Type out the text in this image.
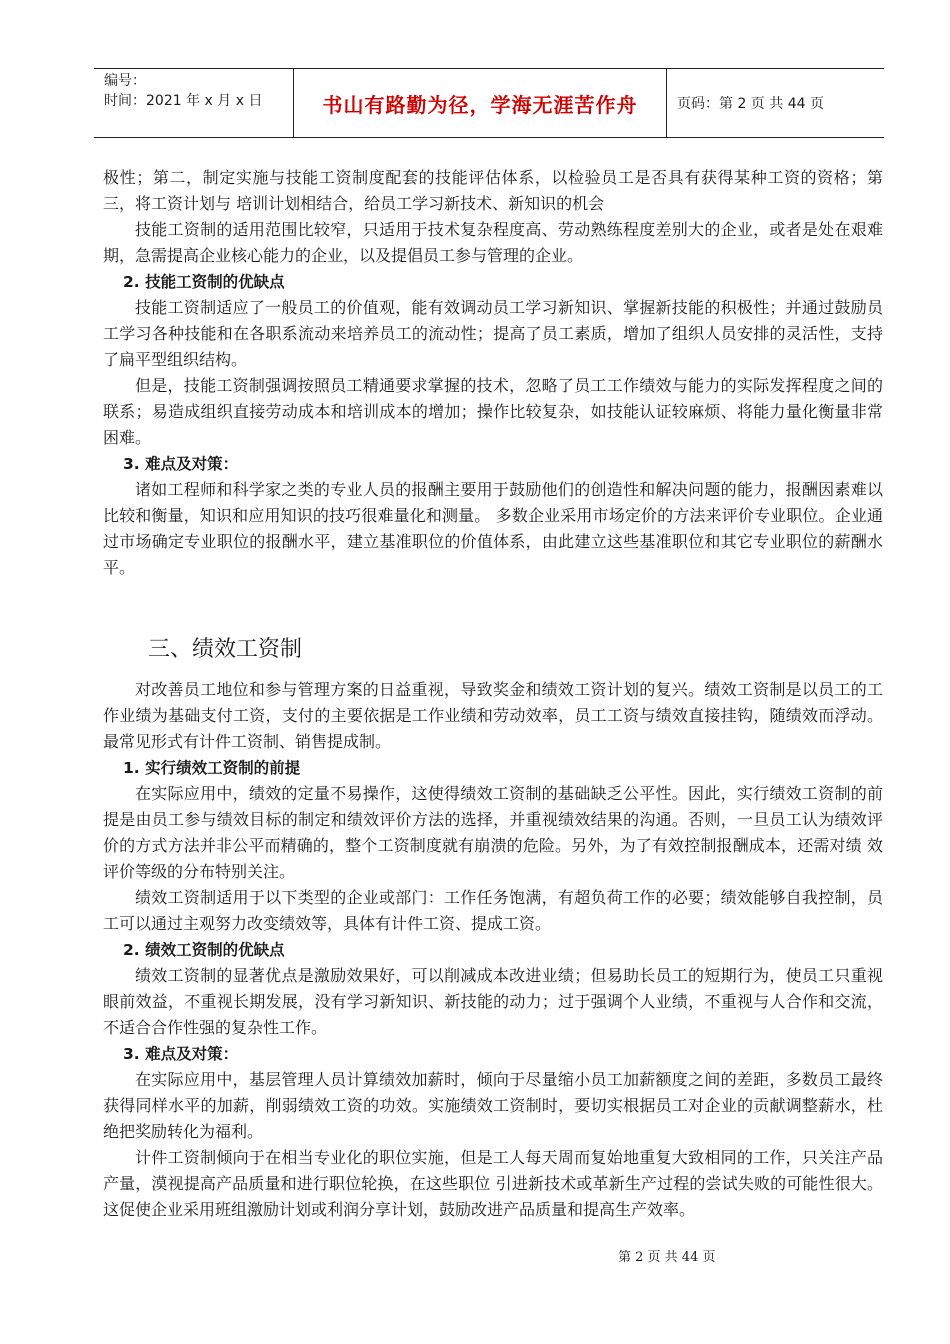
编号：
时间：2021 年 x 月 x 日	书山有路勤为径，学海无涯苦作舟	页码：第 2 页 共 44 页

极性；第二，制定实施与技能工资制度配套的技能评估体系，以检验员工是否具有获得某种工资的资格；第三，将工资计划与 培训计划相结合，给员工学习新技术、新知识的机会

技能工资制的适用范围比较窄，只适用于技术复杂程度高、劳动熟练程度差别大的企业，或者是处在艰难期，急需提高企业核心能力的企业，以及提倡员工参与管理的企业。

2. 技能工资制的优缺点

技能工资制适应了一般员工的价值观，能有效调动员工学习新知识、掌握新技能的积极性；并通过鼓励员工学习各种技能和在各职系流动来培养员工的流动性；提高了员工素质，增加了组织人员安排的灵活性，支持了扁平型组织结构。

但是，技能工资制强调按照员工精通要求掌握的技术，忽略了员工工作绩效与能力的实际发挥程度之间的联系；易造成组织直接劳动成本和培训成本的增加；操作比较复杂，如技能认证较麻烦、将能力量化衡量非常困难。

3. 难点及对策：

诸如工程师和科学家之类的专业人员的报酬主要用于鼓励他们的创造性和解决问题的能力，报酬因素难以比较和衡量，知识和应用知识的技巧很难量化和测量。 多数企业采用市场定价的方法来评价专业职位。企业通过市场确定专业职位的报酬水平，建立基准职位的价值体系，由此建立这些基准职位和其它专业职位的薪酬水 平。

三、绩效工资制

对改善员工地位和参与管理方案的日益重视，导致奖金和绩效工资计划的复兴。绩效工资制是以员工的工作业绩为基础支付工资，支付的主要依据是工作业绩和劳动效率，员工工资与绩效直接挂钩，随绩效而浮动。最常见形式有计件工资制、销售提成制。

1. 实行绩效工资制的前提

在实际应用中，绩效的定量不易操作，这使得绩效工资制的基础缺乏公平性。因此，实行绩效工资制的前提是由员工参与绩效目标的制定和绩效评价方法的选择，并重视绩效结果的沟通。否则，一旦员工认为绩效评价的方式方法并非公平而精确的，整个工资制度就有崩溃的危险。另外，为了有效控制报酬成本，还需对绩 效评价等级的分布特别关注。

绩效工资制适用于以下类型的企业或部门：工作任务饱满，有超负荷工作的必要；绩效能够自我控制，员工可以通过主观努力改变绩效等，具体有计件工资、提成工资。

2. 绩效工资制的优缺点

绩效工资制的显著优点是激励效果好，可以削减成本改进业绩；但易助长员工的短期行为，使员工只重视眼前效益，不重视长期发展，没有学习新知识、新技能的动力；过于强调个人业绩，不重视与人合作和交流，不适合合作性强的复杂性工作。

3. 难点及对策：

在实际应用中，基层管理人员计算绩效加薪时，倾向于尽量缩小员工加薪额度之间的差距，多数员工最终获得同样水平的加薪，削弱绩效工资的功效。实施绩效工资制时，要切实根据员工对企业的贡献调整薪水，杜绝把奖励转化为福利。

计件工资制倾向于在相当专业化的职位实施，但是工人每天周而复始地重复大致相同的工作，只关注产品产量，漠视提高产品质量和进行职位轮换，在这些职位 引进新技术或革新生产过程的尝试失败的可能性很大。这促使企业采用班组激励计划或利润分享计划，鼓励改进产品质量和提高生产效率。

第 2 页 共 44 页
